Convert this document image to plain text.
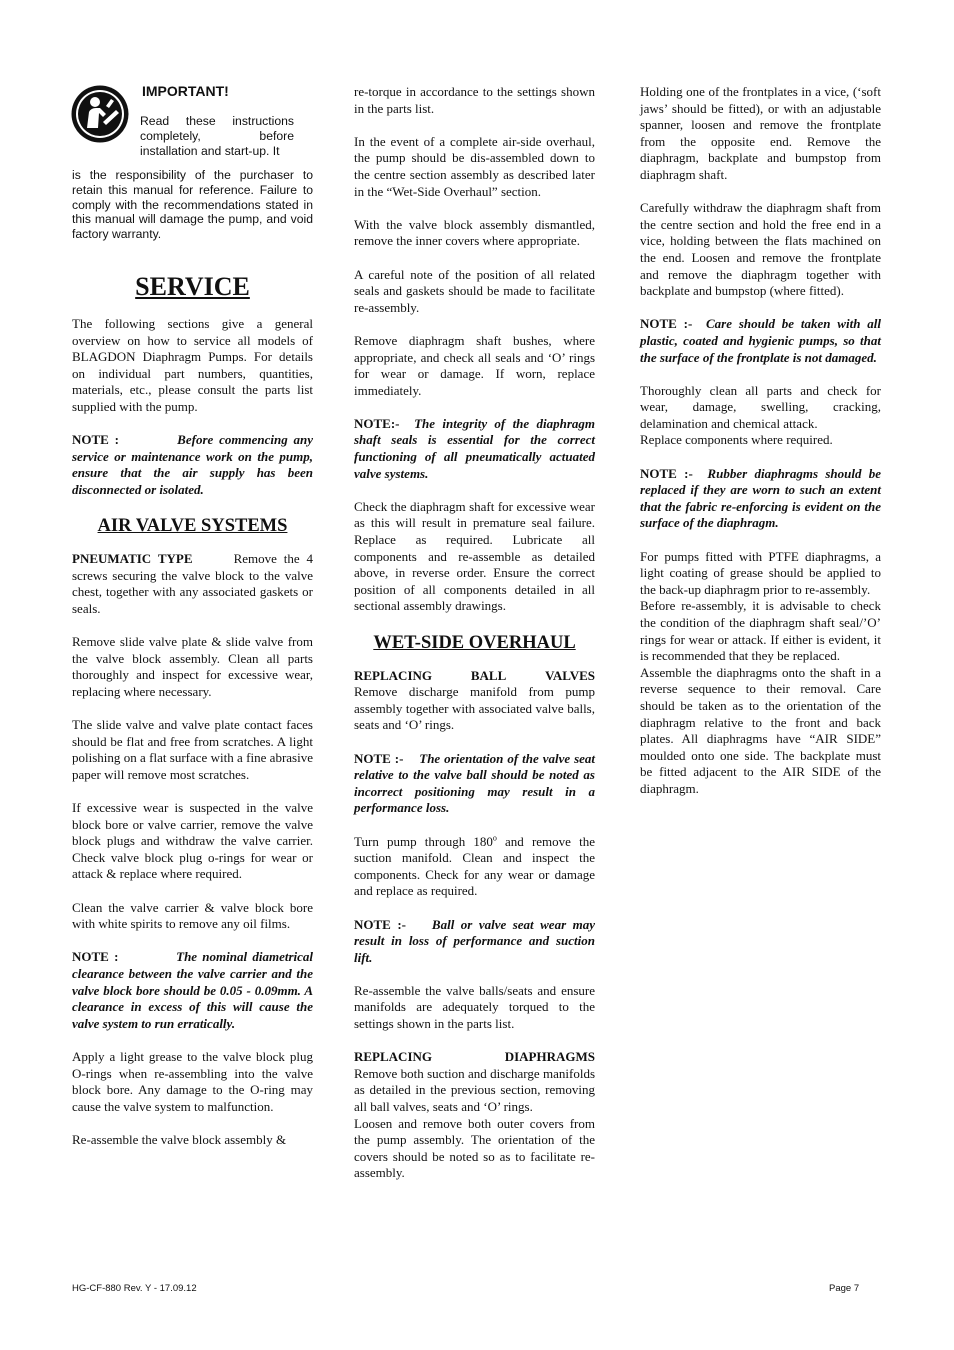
IMPORTANT!
Read these instructions completely, before installation and start-up. It

is the responsibility of the purchaser to retain this manual for reference. Failure to comply with the recommendations stated in this manual will damage the pump, and void factory warranty.

SERVICE

The following sections give a general overview on how to service all models of BLAGDON Diaphragm Pumps. For details on individual part numbers, quantities, materials, etc., please consult the parts list supplied with the pump.

NOTE :	Before commencing any service or maintenance work on the pump, ensure that the air supply has been disconnected or isolated.

AIR VALVE SYSTEMS

PNEUMATIC TYPE	Remove the 4 screws securing the valve block to the valve chest, together with any associated gaskets or seals.

Remove slide valve plate & slide valve from the valve block assembly. Clean all parts thoroughly and inspect for excessive wear, replacing where necessary.

The slide valve and valve plate contact faces should be flat and free from scratches. A light polishing on a flat surface with a fine abrasive paper will remove most scratches.

If excessive wear is suspected in the valve block bore or valve carrier, remove the valve block plugs and withdraw the valve carrier. Check valve block plug o-rings for wear or attack & replace where required.

Clean the valve carrier & valve block bore with white spirits to remove any oil films.

NOTE :	The nominal diametrical clearance between the valve carrier and the valve block bore should be 0.05 - 0.09mm. A clearance in excess of this will cause the valve system to run erratically.

Apply a light grease to the valve block plug O-rings when re-assembling into the valve block bore. Any damage to the O-ring may cause the valve system to malfunction.

Re-assemble the valve block assembly &

re-torque in accordance to the settings shown in the parts list.

In the event of a complete air-side overhaul, the pump should be dis-assembled down to the centre section assembly as described later in the “Wet-Side Overhaul” section.

With the valve block assembly dismantled, remove the inner covers where appropriate.

A careful note of the position of all related seals and gaskets should be made to facilitate re-assembly.

Remove diaphragm shaft bushes, where appropriate, and check all seals and ‘O’ rings for wear or damage. If worn, replace immediately.

NOTE:- The integrity of the diaphragm shaft seals is essential for the correct functioning of all pneumatically actuated valve systems.

Check the diaphragm shaft for excessive wear as this will result in premature seal failure. Replace as required. Lubricate all components and re-assemble as detailed above, in reverse order. Ensure the correct position of all components detailed in all sectional assembly drawings.

WET-SIDE OVERHAUL
REPLACING	BALL	VALVES

Remove discharge manifold from pump assembly together with associated valve balls, seats and ‘O’ rings.

NOTE :- The orientation of the valve seat relative to the valve ball should be noted as incorrect positioning may result in a performance loss.

Turn pump through 180$^o$ and remove the suction manifold. Clean and inspect the components. Check for any wear or damage and replace as required.

NOTE :- Ball or valve seat wear may result in loss of performance and suction lift.

Re-assemble the valve balls/seats and ensure manifolds are adequately torqued to the settings shown in the parts list.

REPLACING	DIAPHRAGMS

Remove both suction and discharge manifolds as detailed in the previous section, removing all ball valves, seats and ‘O’ rings.

Loosen and remove both outer covers from the pump assembly. The orientation of the covers should be noted so as to facilitate re-assembly.

Holding one of the frontplates in a vice, (‘soft jaws’ should be fitted), or with an adjustable spanner, loosen and remove the frontplate from the opposite end. Remove the diaphragm, backplate and bumpstop from diaphragm shaft.

Carefully withdraw the diaphragm shaft from the centre section and hold the free end in a vice, holding between the flats machined on the end. Loosen and remove the frontplate and remove the diaphragm together with backplate and bumpstop (where fitted).

NOTE :- Care should be taken with all plastic, coated and hygienic pumps, so that the surface of the frontplate is not damaged.

Thoroughly clean all parts and check for wear, damage, swelling, cracking, delamination and chemical attack.

Replace components where required.

NOTE :- Rubber diaphragms should be replaced if they are worn to such an extent that the fabric re-enforcing is evident on the surface of the diaphragm.

For pumps fitted with PTFE diaphragms, a light coating of grease should be applied to the back-up diaphragm prior to re-assembly.

Before re-assembly, it is advisable to check the condition of the diaphragm shaft seal/’O’ rings for wear or attack. If either is evident, it is recommended that they be replaced.

Assemble the diaphragms onto the shaft in a reverse sequence to their removal. Care should be taken as to the orientation of the diaphragm relative to the front and back plates. All diaphragms have “AIR SIDE” moulded onto one side. The backplate must be fitted adjacent to the AIR SIDE of the diaphragm.

HG-CF-880 Rev. Y - 17.09.12	Page 7
